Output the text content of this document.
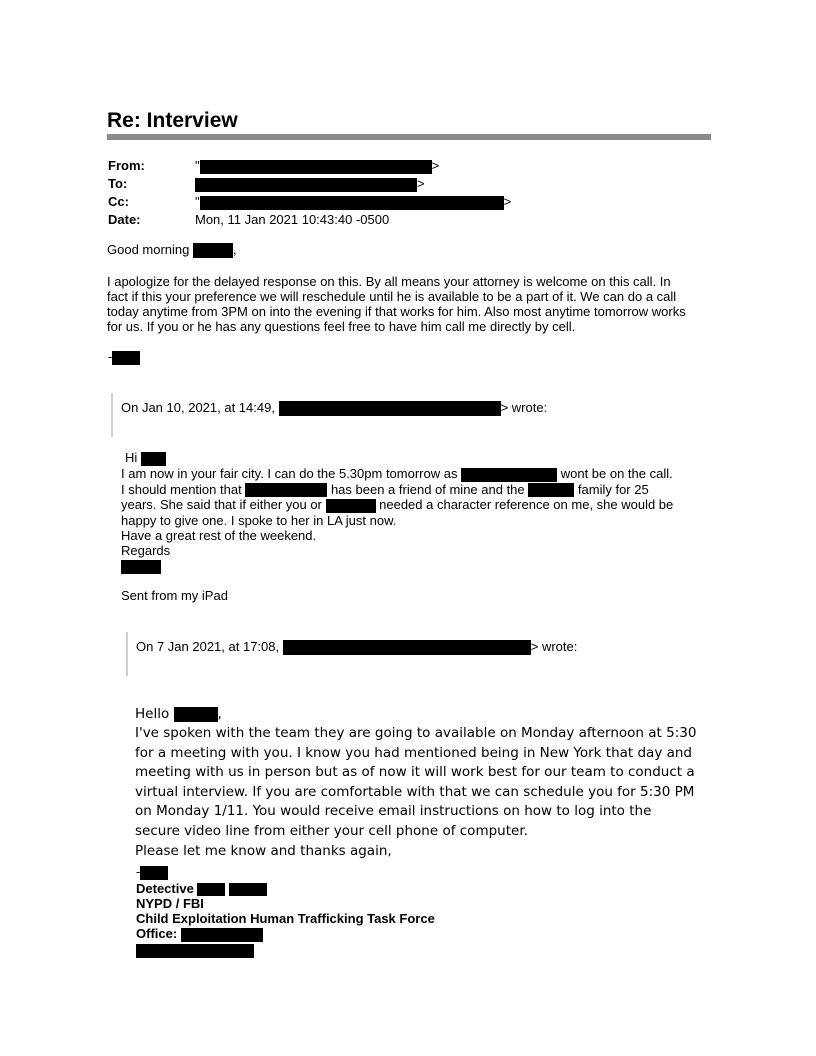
Re: Interview
From:	"	>
To:	>
Cc:	"	>
Date:	Mon, 11 Jan 2021 10:43:40 -0500
Good morning	,
I apologize for the delayed response on this. By all means your attorney is welcome on this call. In
fact if this your preference we will reschedule until he is available to be a part of it. We can do a call
today anytime from 3PM on into the evening if that works for him. Also most anytime tomorrow works
for us. If you or he has any questions feel free to have him call me directly by cell.
-
On Jan 10, 2021, at 14:49,	> wrote:
Hi
I am now in your fair city. I can do the 5.30pm tomorrow as	wont be on the call.
I should mention that	has been a friend of mine and the	family for 25
years. She said that if either you or	needed a character reference on me, she would be
happy to give one. I spoke to her in LA just now.
Have a great rest of the weekend.
Regards
Sent from my iPad
On 7 Jan 2021, at 17:08,	> wrote:
Hello	,
I've spoken with the team they are going to available on Monday afternoon at 5:30
for a meeting with you. I know you had mentioned being in New York that day and
meeting with us in person but as of now it will work best for our team to conduct a
virtual interview. If you are comfortable with that we can schedule you for 5:30 PM
on Monday 1/11. You would receive email instructions on how to log into the
secure video line from either your cell phone of computer.
Please let me know and thanks again,
-
Detective
NYPD / FBI
Child Exploitation Human Trafficking Task Force
Office:
